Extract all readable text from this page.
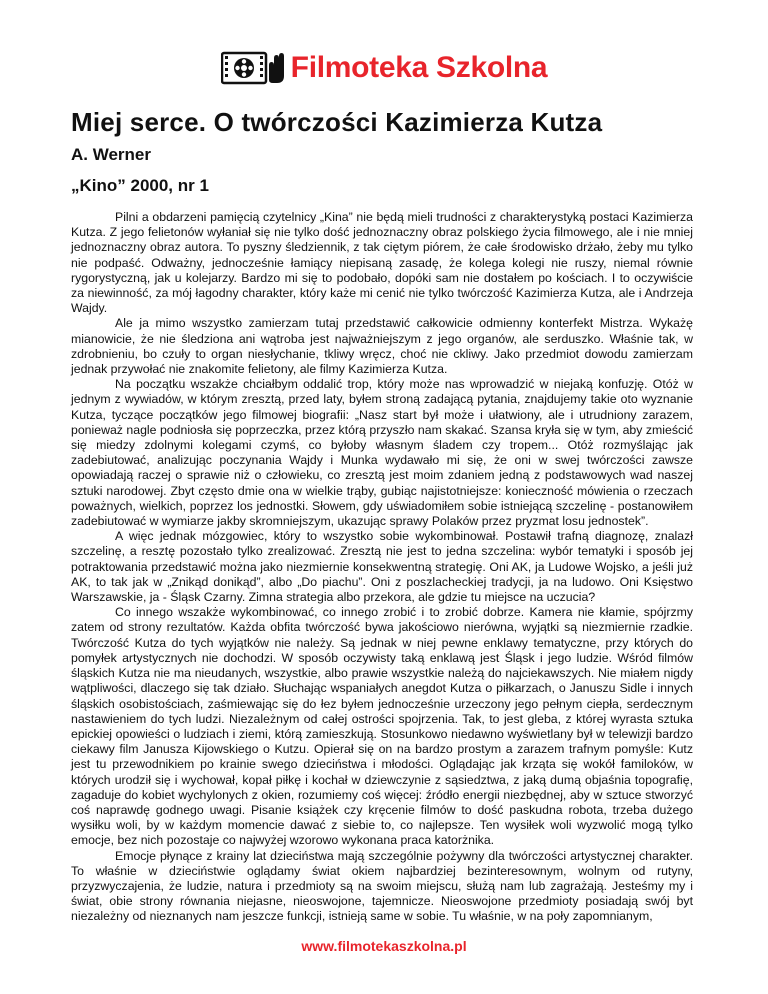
Filmoteka Szkolna
Miej serce. O twórczości Kazimierza Kutza
A. Werner
„Kino” 2000, nr 1

Pilni a obdarzeni pamięcią czytelnicy „Kina” nie będą mieli trudności z charakterystyką postaci Kazimierza Kutza. Z jego felietonów wyłaniał się nie tylko dość jednoznaczny obraz polskiego życia filmowego, ale i nie mniej jednoznaczny obraz autora. To pyszny śledziennik, z tak ciętym piórem, że całe środowisko drżało, żeby mu tylko nie podpaść. Odważny, jednocześnie łamiący niepisaną zasadę, że kolega kolegi nie ruszy, niemal równie rygorystyczną, jak u kolejarzy. Bardzo mi się to podobało, dopóki sam nie dostałem po kościach. I to oczywiście za niewinność, za mój łagodny charakter, który każe mi cenić nie tylko twórczość Kazimierza Kutza, ale i Andrzeja Wajdy.

Ale ja mimo wszystko zamierzam tutaj przedstawić całkowicie odmienny konterfekt Mistrza. Wykażę mianowicie, że nie śledziona ani wątroba jest najważniejszym z jego organów, ale serduszko. Właśnie tak, w zdrobnieniu, bo czuły to organ niesłychanie, tkliwy wręcz, choć nie ckliwy. Jako przedmiot dowodu zamierzam jednak przywołać nie znakomite felietony, ale filmy Kazimierza Kutza.

Na początku wszakże chciałbym oddalić trop, który może nas wprowadzić w niejaką konfuzję. Otóż w jednym z wywiadów, w którym zresztą, przed laty, byłem stroną zadającą pytania, znajdujemy takie oto wyznanie Kutza, tyczące początków jego filmowej biografii: „Nasz start był może i ułatwiony, ale i utrudniony zarazem, ponieważ nagle podniosła się poprzeczka, przez którą przyszło nam skakać. Szansa kryła się w tym, aby zmieścić się miedzy zdolnymi kolegami czymś, co byłoby własnym śladem czy tropem... Otóż rozmyślając jak zadebiutować, analizując poczynania Wajdy i Munka wydawało mi się, że oni w swej twórczości zawsze opowiadają raczej o sprawie niż o człowieku, co zresztą jest moim zdaniem jedną z podstawowych wad naszej sztuki narodowej. Zbyt często dmie ona w wielkie trąby, gubiąc najistotniejsze: konieczność mówienia o rzeczach poważnych, wielkich, poprzez los jednostki. Słowem, gdy uświadomiłem sobie istniejącą szczelinę - postanowiłem zadebiutować w wymiarze jakby skromniejszym, ukazując sprawy Polaków przez pryzmat losu jednostek”.

A więc jednak mózgowiec, który to wszystko sobie wykombinował. Postawił trafną diagnozę, znalazł szczelinę, a resztę pozostało tylko zrealizować. Zresztą nie jest to jedna szczelina: wybór tematyki i sposób jej potraktowania przedstawić można jako niezmiernie konsekwentną strategię. Oni AK, ja Ludowe Wojsko, a jeśli już AK, to tak jak w „Znikąd donikąd”, albo „Do piachu”. Oni z poszlacheckiej tradycji, ja na ludowo. Oni Księstwo Warszawskie, ja - Śląsk Czarny. Zimna strategia albo przekora, ale gdzie tu miejsce na uczucia?

Co innego wszakże wykombinować, co innego zrobić i to zrobić dobrze. Kamera nie kłamie, spójrzmy zatem od strony rezultatów. Każda obfita twórczość bywa jakościowo nierówna, wyjątki są niezmiernie rzadkie. Twórczość Kutza do tych wyjątków nie należy. Są jednak w niej pewne enklawy tematyczne, przy których do pomyłek artystycznych nie dochodzi. W sposób oczywisty taką enklawą jest Śląsk i jego ludzie. Wśród filmów śląskich Kutza nie ma nieudanych, wszystkie, albo prawie wszystkie należą do najciekawszych. Nie miałem nigdy wątpliwości, dlaczego się tak działo. Słuchając wspaniałych anegdot Kutza o piłkarzach, o Januszu Sidle i innych śląskich osobistościach, zaśmiewając się do łez byłem jednocześnie urzeczony jego pełnym ciepła, serdecznym nastawieniem do tych ludzi. Niezależnym od całej ostrości spojrzenia. Tak, to jest gleba, z której wyrasta sztuka epickiej opowieści o ludziach i ziemi, którą zamieszkują. Stosunkowo niedawno wyświetlany był w telewizji bardzo ciekawy film Janusza Kijowskiego o Kutzu. Opierał się on na bardzo prostym a zarazem trafnym pomyśle: Kutz jest tu przewodnikiem po krainie swego dzieciństwa i młodości. Oglądając jak krząta się wokół familoków, w których urodził się i wychował, kopał piłkę i kochał w dziewczynie z sąsiedztwa, z jaką dumą objaśnia topografię, zagaduje do kobiet wychylonych z okien, rozumiemy coś więcej: źródło energii niezbędnej, aby w sztuce stworzyć coś naprawdę godnego uwagi. Pisanie książek czy kręcenie filmów to dość paskudna robota, trzeba dużego wysiłku woli, by w każdym momencie dawać z siebie to, co najlepsze. Ten wysiłek woli wyzwolić mogą tylko emocje, bez nich pozostaje co najwyżej wzorowo wykonana praca katorżnika.

Emocje płynące z krainy lat dzieciństwa mają szczególnie pożywny dla twórczości artystycznej charakter. To właśnie w dzieciństwie oglądamy świat okiem najbardziej bezinteresownym, wolnym od rutyny, przyzwyczajenia, że ludzie, natura i przedmioty są na swoim miejscu, służą nam lub zagrażają. Jesteśmy my i świat, obie strony równania niejasne, nieoswojone, tajemnicze. Nieoswojone przedmioty posiadają swój byt niezależny od nieznanych nam jeszcze funkcji, istnieją same w sobie. Tu właśnie, w na poły zapomnianym,

www.filmotekaszkolna.pl
